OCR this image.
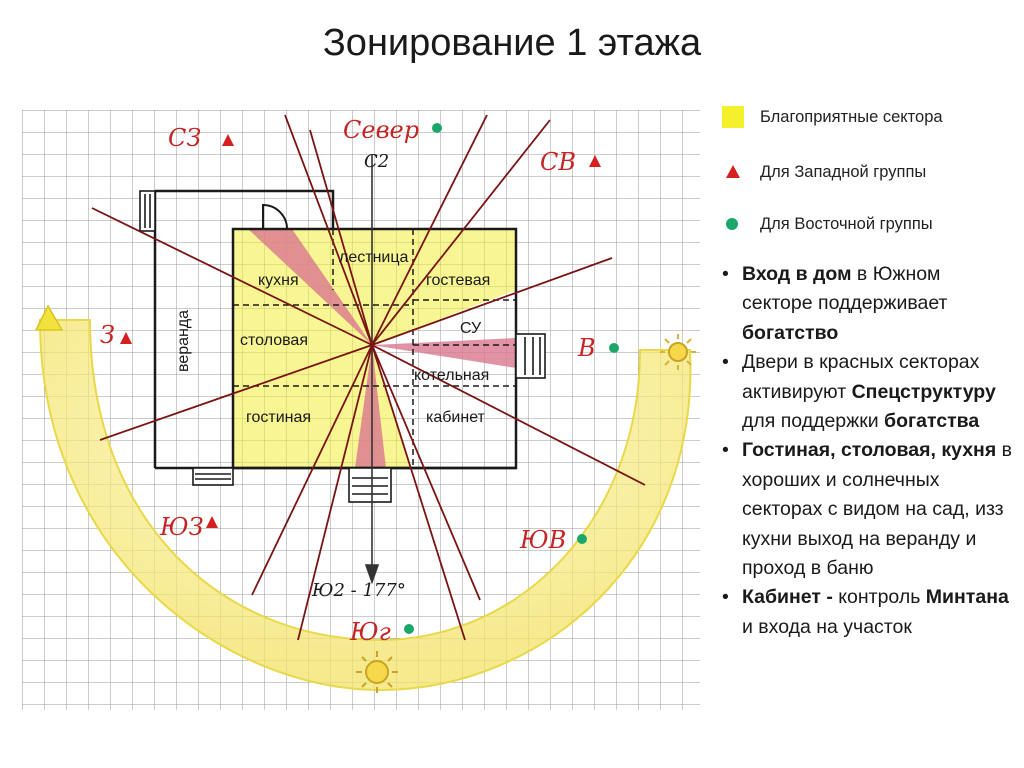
Зонирование 1 этажа
веранда
кухня
лестница
гостевая
столовая
СУ
котельная
гостиная	кабинет
Север
С2
СЗ
СВ
З	В
ЮЗ	ЮВ
Юг
Ю2 - 177°
Благоприятные сектора
Для Западной группы
Для Восточной группы
• Вход в дом в Южном секторе поддерживает богатство
• Двери в красных секторах активируют Спецструктуру для поддержки богатства
• Гостиная, столовая, кухня в хороших и солнечных секторах с видом на сад, изз кухни выход на веранду и проход в баню
• Кабинет - контроль Минтана и входа на участок
